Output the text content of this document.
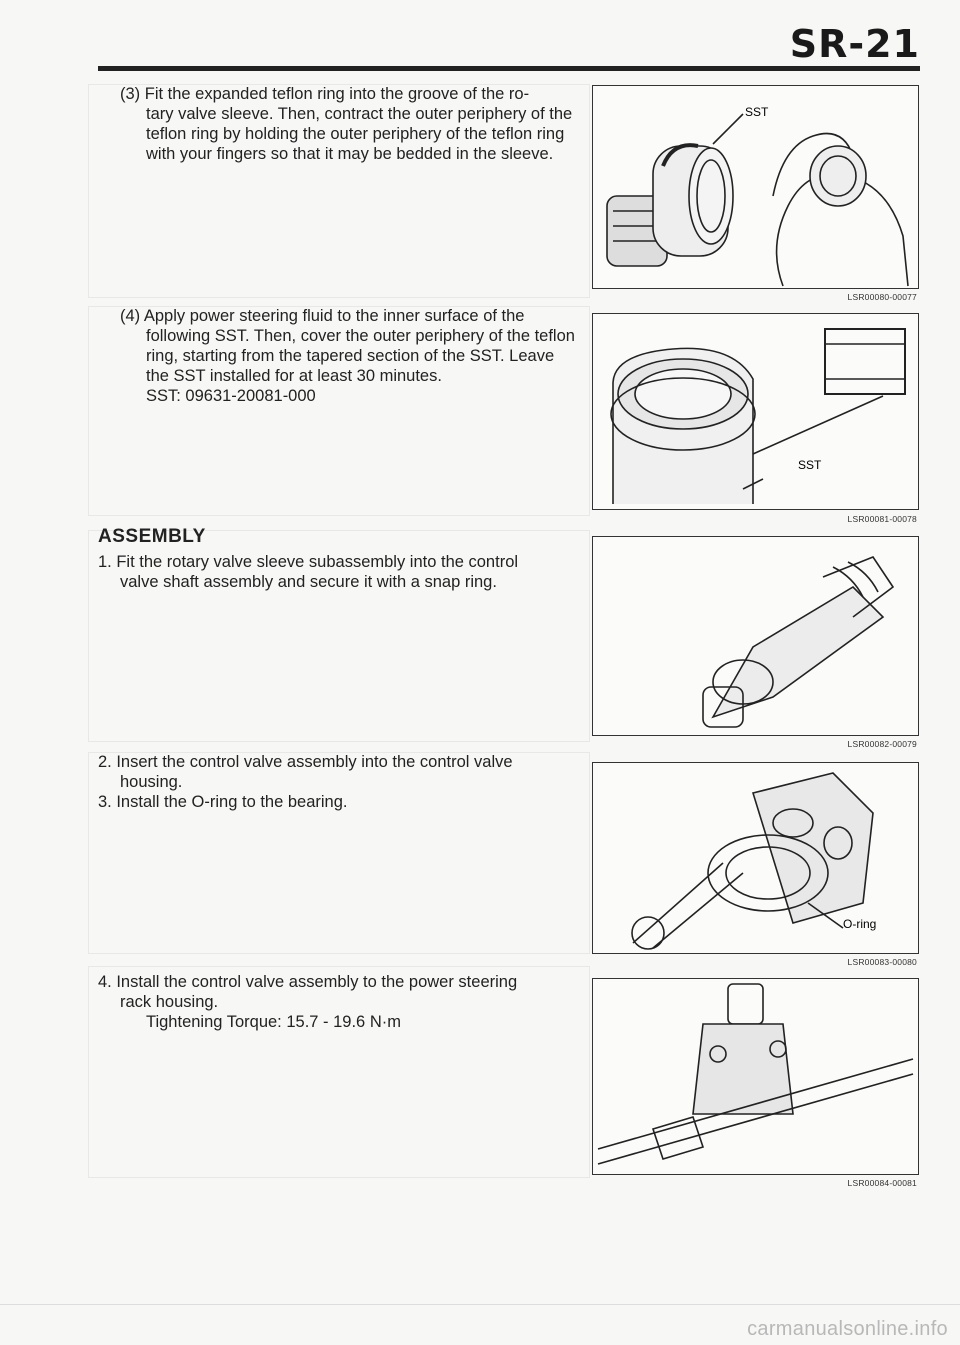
SR-21

(3) Fit the expanded teflon ring into the groove of the ro-

tary valve sleeve. Then, contract the outer periphery of the teflon ring by holding the outer periphery of the teflon ring with your fingers so that it may be bedded in the sleeve.

(4) Apply power steering fluid to the inner surface of the

following SST. Then, cover the outer periphery of the teflon ring, starting from the tapered section of the SST. Leave the SST installed for at least 30 minutes.

SST: 09631-20081-000

ASSEMBLY

1. Fit the rotary valve sleeve subassembly into the control

valve shaft assembly and secure it with a snap ring.

2. Insert the control valve assembly into the control valve

housing.

3. Install the O-ring to the bearing.

4. Install the control valve assembly to the power steering

rack housing.

Tightening Torque: 15.7 - 19.6 N·m

SST
LSR00080-00077
SST
LSR00081-00078
LSR00082-00079
O-ring
LSR00083-00080
LSR00084-00081
carmanualsonline.info
